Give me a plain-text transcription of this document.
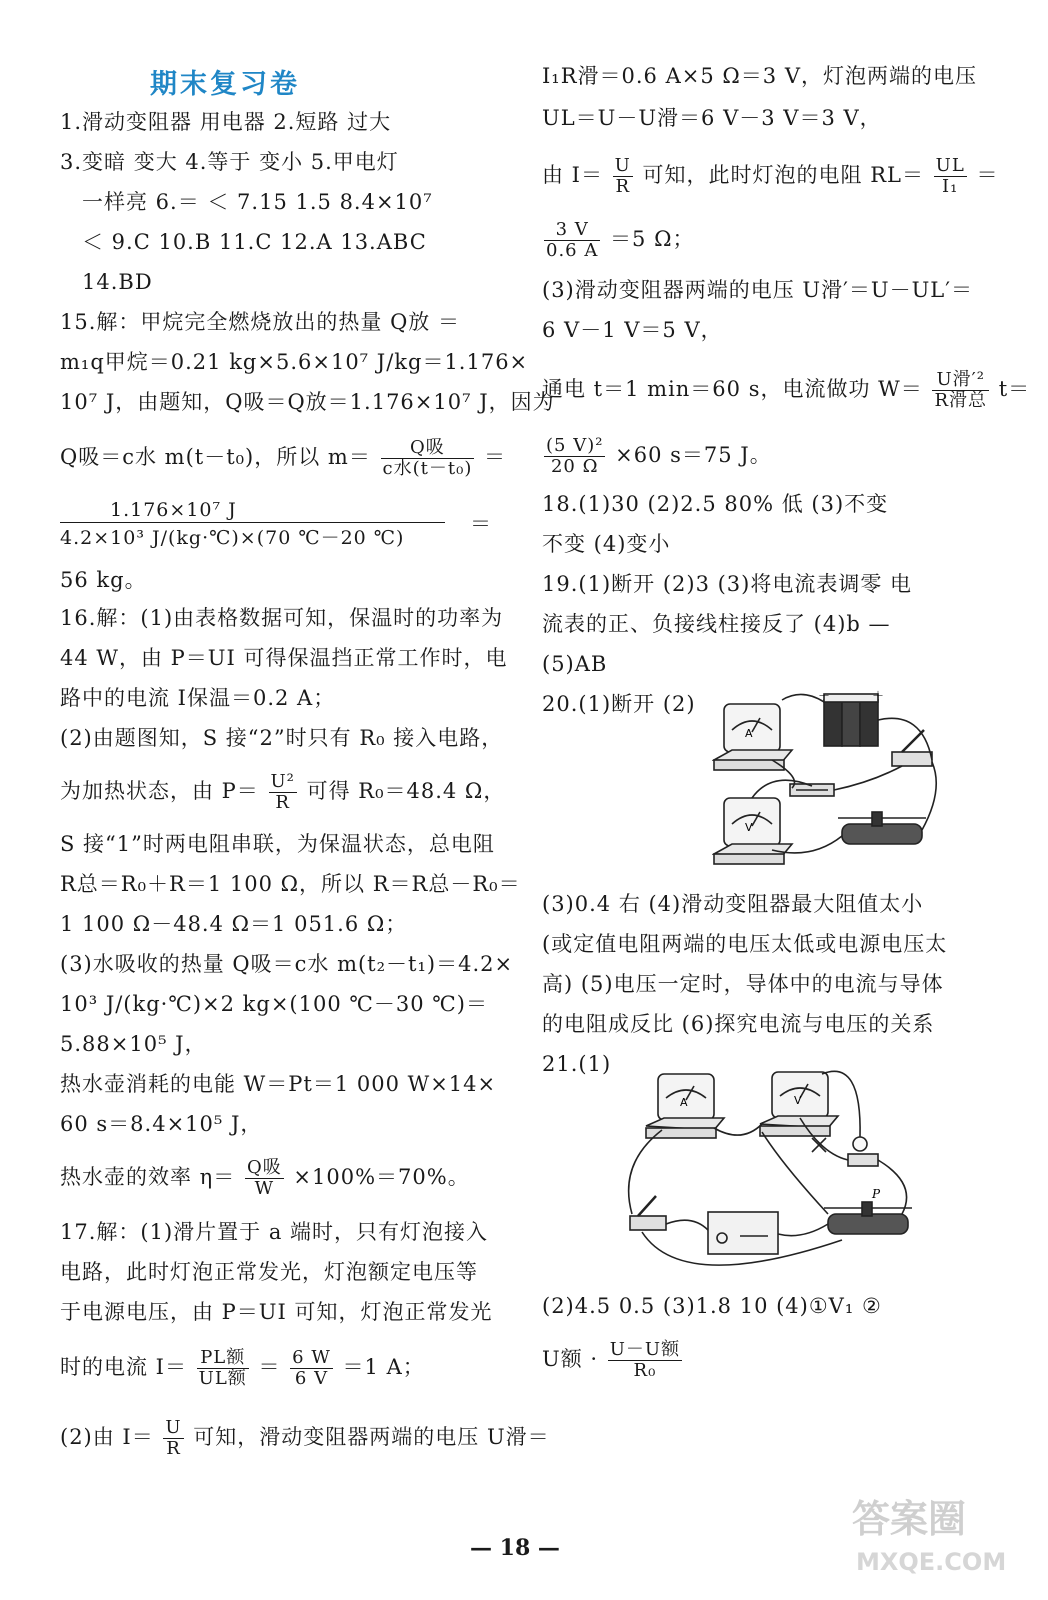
期末复习卷
1.滑动变阻器 用电器 2.短路 过大
3.变暗 变大 4.等于 变小 5.甲电灯
一样亮 6.＝ ＜ 7.15 1.5 8.4×10⁷
＜ 9.C 10.B 11.C 12.A 13.ABC
14.BD
15.解：甲烷完全燃烧放出的热量 Q放 ＝
m₁q甲烷＝0.21 kg×5.6×10⁷ J/kg＝1.176×
10⁷ J，由题知，Q吸＝Q放＝1.176×10⁷ J，因为
Q吸＝c水 m(t－t₀)，所以 $m= \frac{\text{Q吸}}{\text{c水(t－t₀)}}$ ＝
1.176×10⁷ J
4.2×10³ J/(kg·℃)×(70 ℃－20 ℃)
＝
56 kg。
16.解：(1)由表格数据可知，保温时的功率为
44 W，由 P＝UI 可得保温挡正常工作时，电
路中的电流 I保温＝0.2 A；
(2)由题图知，S 接“2”时只有 R₀ 接入电路，
为加热状态，由 $P= \frac{\text{U²}}{R}$ 可得 R₀＝48.4 Ω，
S 接“1”时两电阻串联，为保温状态，总电阻
R总＝R₀＋R＝1 100 Ω，所以 R＝R总－R₀＝
1 100 Ω－48.4 Ω＝1 051.6 Ω；
(3)水吸收的热量 Q吸＝c水 m(t₂－t₁)＝4.2×
10³ J/(kg·℃)×2 kg×(100 ℃－30 ℃)＝
5.88×10⁵ J，
热水壶消耗的电能 W＝Pt＝1 000 W×14×
60 s＝8.4×10⁵ J，
热水壶的效率 $\eta= \frac{\text{Q吸}}{W} \times 100\%=70\%$。
17.解：(1)滑片置于 a 端时，只有灯泡接入
电路，此时灯泡正常发光，灯泡额定电压等
于电源电压，由 P＝UI 可知，灯泡正常发光
时的电流 $I= \frac{\text{PL额}}{\text{UL额}} = \frac{6 W}{6 V} =1$ A；
(2)由 $I= \frac{U}{R}$ 可知，滑动变阻器两端的电压 U滑＝
I₁R滑＝0.6 A×5 Ω＝3 V，灯泡两端的电压
UL＝U－U滑＝6 V－3 V＝3 V，
由 $I= \frac{U}{R}$ 可知，此时灯泡的电阻 $RL= \frac{UL}{\text{I₁}}$ ＝
$\frac{3 V}{0.6 A} =5$ Ω；
(3)滑动变阻器两端的电压 U滑′＝U－UL′＝
6 V－1 V＝5 V，
通电 t＝1 min＝60 s，电流做功 $W= \frac{\text{U滑′²}}{\text{R滑总}} t=$
$\frac{\text{(5 V)²}}{20 \Omega} \times 60$ s＝75 J。
18.(1)30 (2)2.5 80% 低 (3)不变
不变 (4)变小
19.(1)断开 (2)3 (3)将电流表调零 电
流表的正、负接线柱接反了 (4)b —
(5)AB
20.(1)断开 (2)
(3)0.4 右 (4)滑动变阻器最大阻值太小
(或定值电阻两端的电压太低或电源电压太
高) (5)电压一定时，导体中的电流与导体
的电阻成反比 (6)探究电流与电压的关系
21.(1)
(2)4.5 0.5 (3)1.8 10 (4)①V₁ ②
U额 · $\frac{\text{U－U额}}{\text{R₀}}$
A
V
－	＋
A	V
P
— 18 —
答案圈
MXQE.COM
